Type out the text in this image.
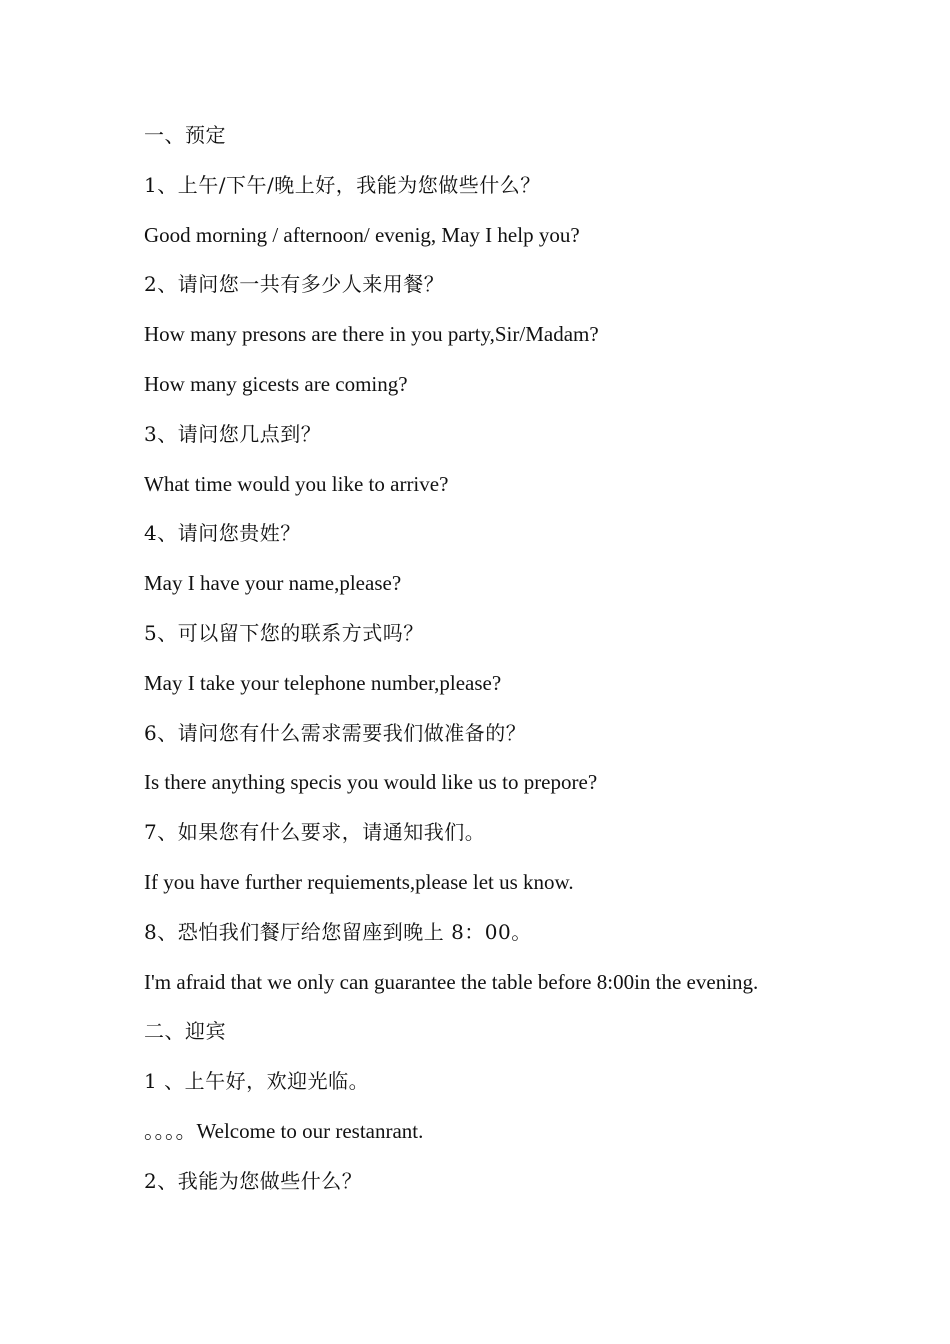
一、预定
1、上午/下午/晚上好，我能为您做些什么？
Good morning / afternoon/ evenig, May I help you?
2、请问您一共有多少人来用餐？
How many presons are there in you party,Sir/Madam?
How many gicests are coming?
3、请问您几点到？
What time would you like to arrive?
4、请问您贵姓？
May I have your name,please?
5、可以留下您的联系方式吗？
May I take your telephone number,please?
6、请问您有什么需求需要我们做准备的？
Is there anything specis you would like us to prepore?
7、如果您有什么要求，请通知我们。
If you have further requiements,please let us know.
8、恐怕我们餐厅给您留座到晚上 8：00。
I'm afraid that we only can guarantee the table before 8:00in the evening.
二、迎宾
1 、上午好，欢迎光临。
。。。。Welcome to our restanrant.
2、我能为您做些什么？
